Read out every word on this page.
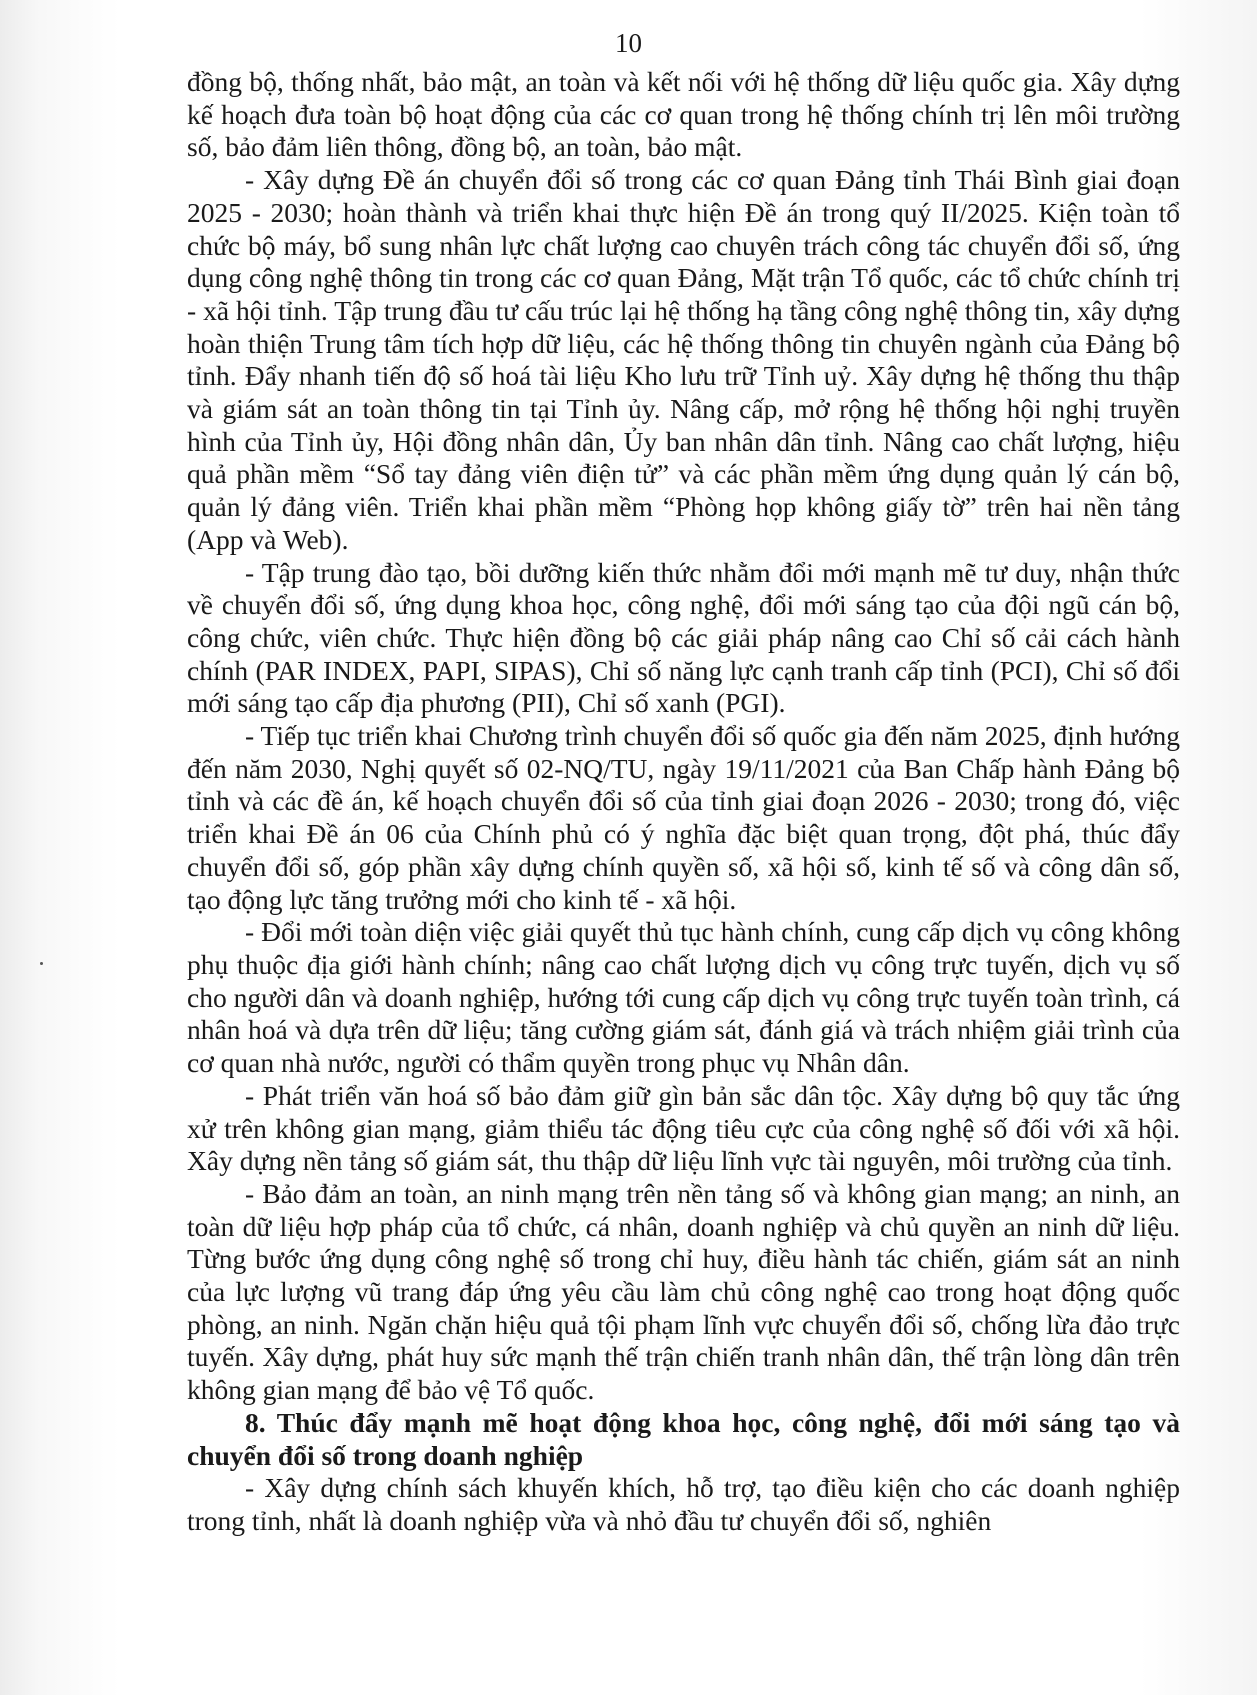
10

đồng bộ, thống nhất, bảo mật, an toàn và kết nối với hệ thống dữ liệu quốc gia. Xây dựng kế hoạch đưa toàn bộ hoạt động của các cơ quan trong hệ thống chính trị lên môi trường số, bảo đảm liên thông, đồng bộ, an toàn, bảo mật.

- Xây dựng Đề án chuyển đổi số trong các cơ quan Đảng tỉnh Thái Bình giai đoạn 2025 - 2030; hoàn thành và triển khai thực hiện Đề án trong quý II/2025. Kiện toàn tổ chức bộ máy, bổ sung nhân lực chất lượng cao chuyên trách công tác chuyển đổi số, ứng dụng công nghệ thông tin trong các cơ quan Đảng, Mặt trận Tổ quốc, các tổ chức chính trị - xã hội tỉnh. Tập trung đầu tư cấu trúc lại hệ thống hạ tầng công nghệ thông tin, xây dựng hoàn thiện Trung tâm tích hợp dữ liệu, các hệ thống thông tin chuyên ngành của Đảng bộ tỉnh. Đẩy nhanh tiến độ số hoá tài liệu Kho lưu trữ Tỉnh uỷ. Xây dựng hệ thống thu thập và giám sát an toàn thông tin tại Tỉnh ủy. Nâng cấp, mở rộng hệ thống hội nghị truyền hình của Tỉnh ủy, Hội đồng nhân dân, Ủy ban nhân dân tỉnh. Nâng cao chất lượng, hiệu quả phần mềm “Sổ tay đảng viên điện tử” và các phần mềm ứng dụng quản lý cán bộ, quản lý đảng viên. Triển khai phần mềm “Phòng họp không giấy tờ” trên hai nền tảng (App và Web).

- Tập trung đào tạo, bồi dưỡng kiến thức nhằm đổi mới mạnh mẽ tư duy, nhận thức về chuyển đổi số, ứng dụng khoa học, công nghệ, đổi mới sáng tạo của đội ngũ cán bộ, công chức, viên chức. Thực hiện đồng bộ các giải pháp nâng cao Chỉ số cải cách hành chính (PAR INDEX, PAPI, SIPAS), Chỉ số năng lực cạnh tranh cấp tỉnh (PCI), Chỉ số đổi mới sáng tạo cấp địa phương (PII), Chỉ số xanh (PGI).

- Tiếp tục triển khai Chương trình chuyển đổi số quốc gia đến năm 2025, định hướng đến năm 2030, Nghị quyết số 02-NQ/TU, ngày 19/11/2021 của Ban Chấp hành Đảng bộ tỉnh và các đề án, kế hoạch chuyển đổi số của tỉnh giai đoạn 2026 - 2030; trong đó, việc triển khai Đề án 06 của Chính phủ có ý nghĩa đặc biệt quan trọng, đột phá, thúc đẩy chuyển đổi số, góp phần xây dựng chính quyền số, xã hội số, kinh tế số và công dân số, tạo động lực tăng trưởng mới cho kinh tế - xã hội.

- Đổi mới toàn diện việc giải quyết thủ tục hành chính, cung cấp dịch vụ công không phụ thuộc địa giới hành chính; nâng cao chất lượng dịch vụ công trực tuyến, dịch vụ số cho người dân và doanh nghiệp, hướng tới cung cấp dịch vụ công trực tuyến toàn trình, cá nhân hoá và dựa trên dữ liệu; tăng cường giám sát, đánh giá và trách nhiệm giải trình của cơ quan nhà nước, người có thẩm quyền trong phục vụ Nhân dân.

- Phát triển văn hoá số bảo đảm giữ gìn bản sắc dân tộc. Xây dựng bộ quy tắc ứng xử trên không gian mạng, giảm thiểu tác động tiêu cực của công nghệ số đối với xã hội. Xây dựng nền tảng số giám sát, thu thập dữ liệu lĩnh vực tài nguyên, môi trường của tỉnh.

- Bảo đảm an toàn, an ninh mạng trên nền tảng số và không gian mạng; an ninh, an toàn dữ liệu hợp pháp của tổ chức, cá nhân, doanh nghiệp và chủ quyền an ninh dữ liệu. Từng bước ứng dụng công nghệ số trong chỉ huy, điều hành tác chiến, giám sát an ninh của lực lượng vũ trang đáp ứng yêu cầu làm chủ công nghệ cao trong hoạt động quốc phòng, an ninh. Ngăn chặn hiệu quả tội phạm lĩnh vực chuyển đổi số, chống lừa đảo trực tuyến. Xây dựng, phát huy sức mạnh thế trận chiến tranh nhân dân, thế trận lòng dân trên không gian mạng để bảo vệ Tổ quốc.

8. Thúc đẩy mạnh mẽ hoạt động khoa học, công nghệ, đổi mới sáng tạo và chuyển đổi số trong doanh nghiệp

- Xây dựng chính sách khuyến khích, hỗ trợ, tạo điều kiện cho các doanh nghiệp trong tỉnh, nhất là doanh nghiệp vừa và nhỏ đầu tư chuyển đổi số, nghiên
